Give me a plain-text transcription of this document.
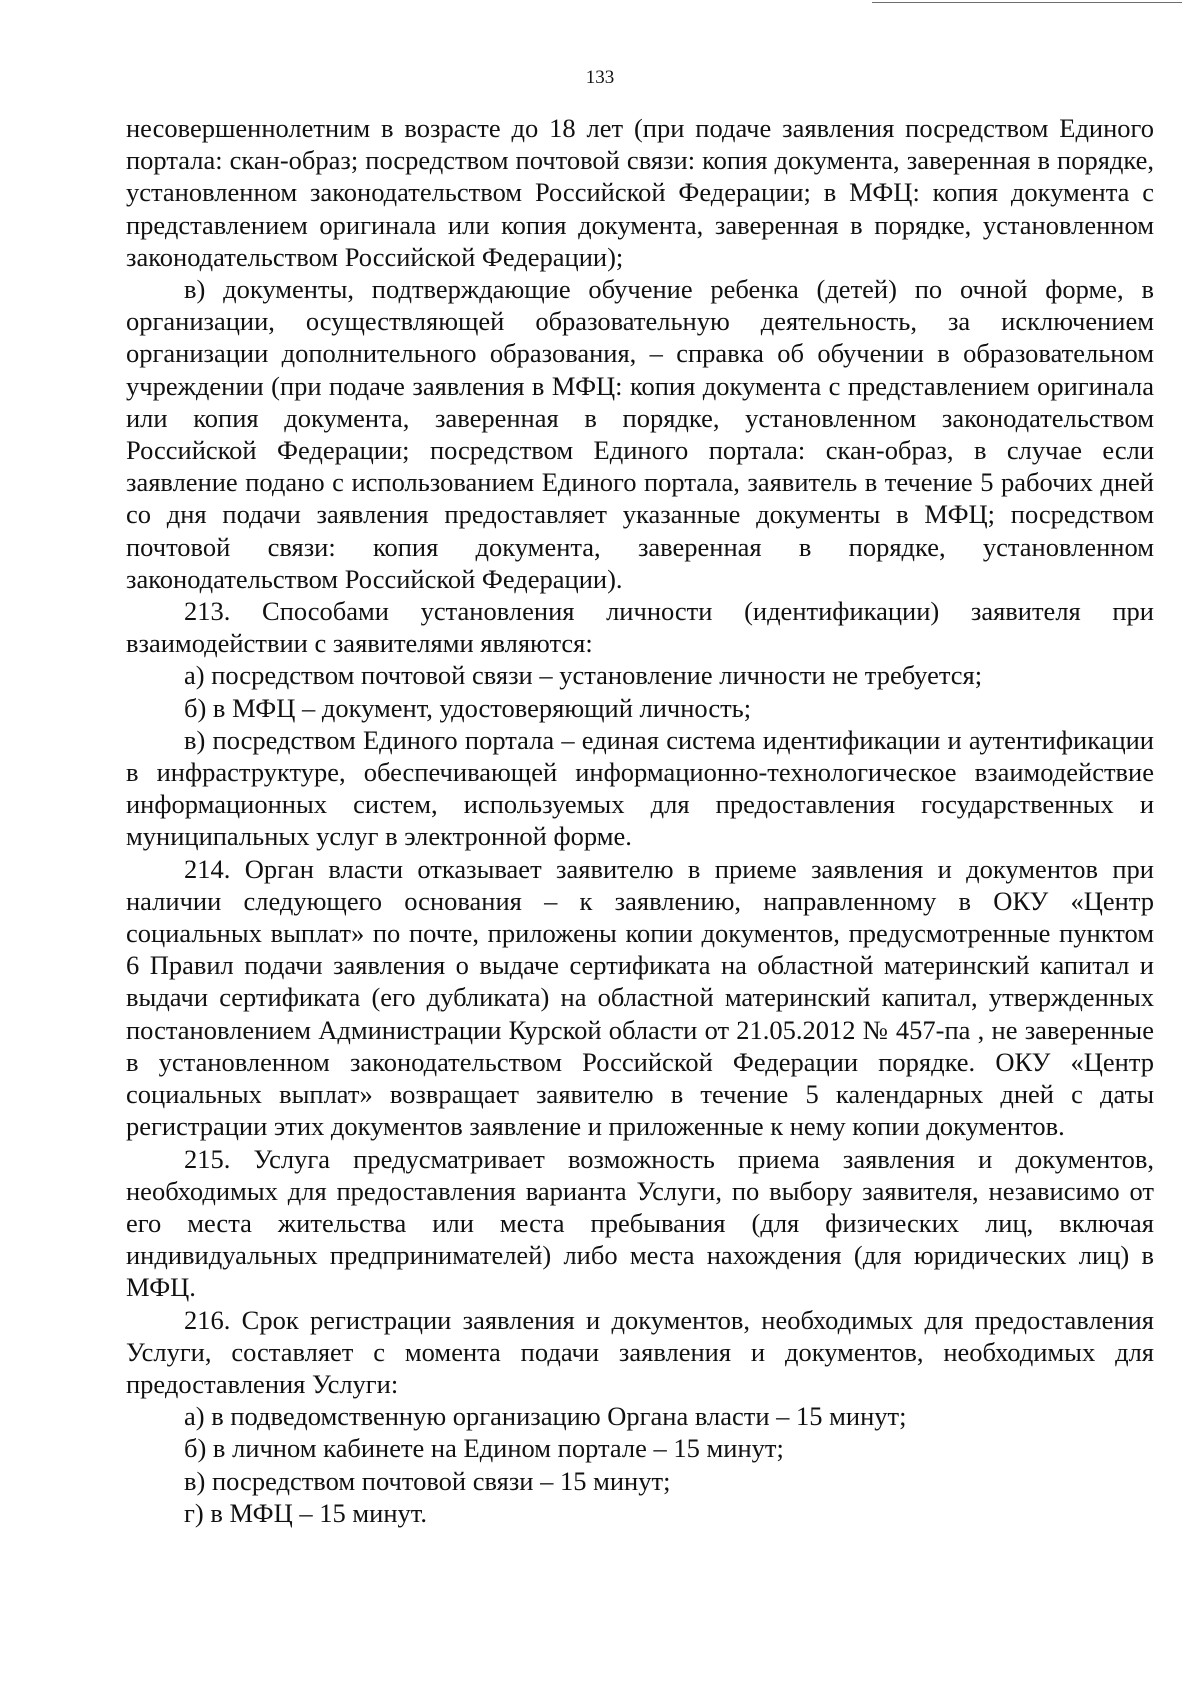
133

несовершеннолетним в возрасте до 18 лет (при подаче заявления посредством Единого портала: скан-образ; посредством почтовой связи: копия документа, заверенная в порядке, установленном законодательством Российской Федерации; в МФЦ: копия документа с представлением оригинала или копия документа, заверенная в порядке, установленном законодательством Российской Федерации);

в) документы, подтверждающие обучение ребенка (детей) по очной форме, в организации, осуществляющей образовательную деятельность, за исключением организации дополнительного образования, – справка об обучении в образовательном учреждении (при подаче заявления в МФЦ: копия документа с представлением оригинала или копия документа, заверенная в порядке, установленном законодательством Российской Федерации; посредством Единого портала: скан-образ, в случае если заявление подано с использованием Единого портала, заявитель в течение 5 рабочих дней со дня подачи заявления предоставляет указанные документы в МФЦ; посредством почтовой связи: копия документа, заверенная в порядке, установленном законодательством Российской Федерации).

213. Способами установления личности (идентификации) заявителя при взаимодействии с заявителями являются:

а) посредством почтовой связи – установление личности не требуется;

б) в МФЦ – документ, удостоверяющий личность;

в) посредством Единого портала – единая система идентификации и аутентификации в инфраструктуре, обеспечивающей информационно-технологическое взаимодействие информационных систем, используемых для предоставления государственных и муниципальных услуг в электронной форме.

214. Орган власти отказывает заявителю в приеме заявления и документов при наличии следующего основания – к заявлению, направленному в ОКУ «Центр социальных выплат» по почте, приложены копии документов, предусмотренные пунктом 6 Правил подачи заявления о выдаче сертификата на областной материнский капитал и выдачи сертификата (его дубликата) на областной материнский капитал, утвержденных постановлением Администрации Курской области от 21.05.2012 № 457-па , не заверенные в установленном законодательством Российской Федерации порядке. ОКУ «Центр социальных выплат» возвращает заявителю в течение 5 календарных дней с даты регистрации этих документов заявление и приложенные к нему копии документов.

215. Услуга предусматривает возможность приема заявления и документов, необходимых для предоставления варианта Услуги, по выбору заявителя, независимо от его места жительства или места пребывания (для физических лиц, включая индивидуальных предпринимателей) либо места нахождения (для юридических лиц) в МФЦ.

216. Срок регистрации заявления и документов, необходимых для предоставления Услуги, составляет с момента подачи заявления и документов, необходимых для предоставления Услуги:

а) в подведомственную организацию Органа власти – 15 минут;

б) в личном кабинете на Едином портале – 15 минут;

в) посредством почтовой связи – 15 минут;

г) в МФЦ – 15 минут.
